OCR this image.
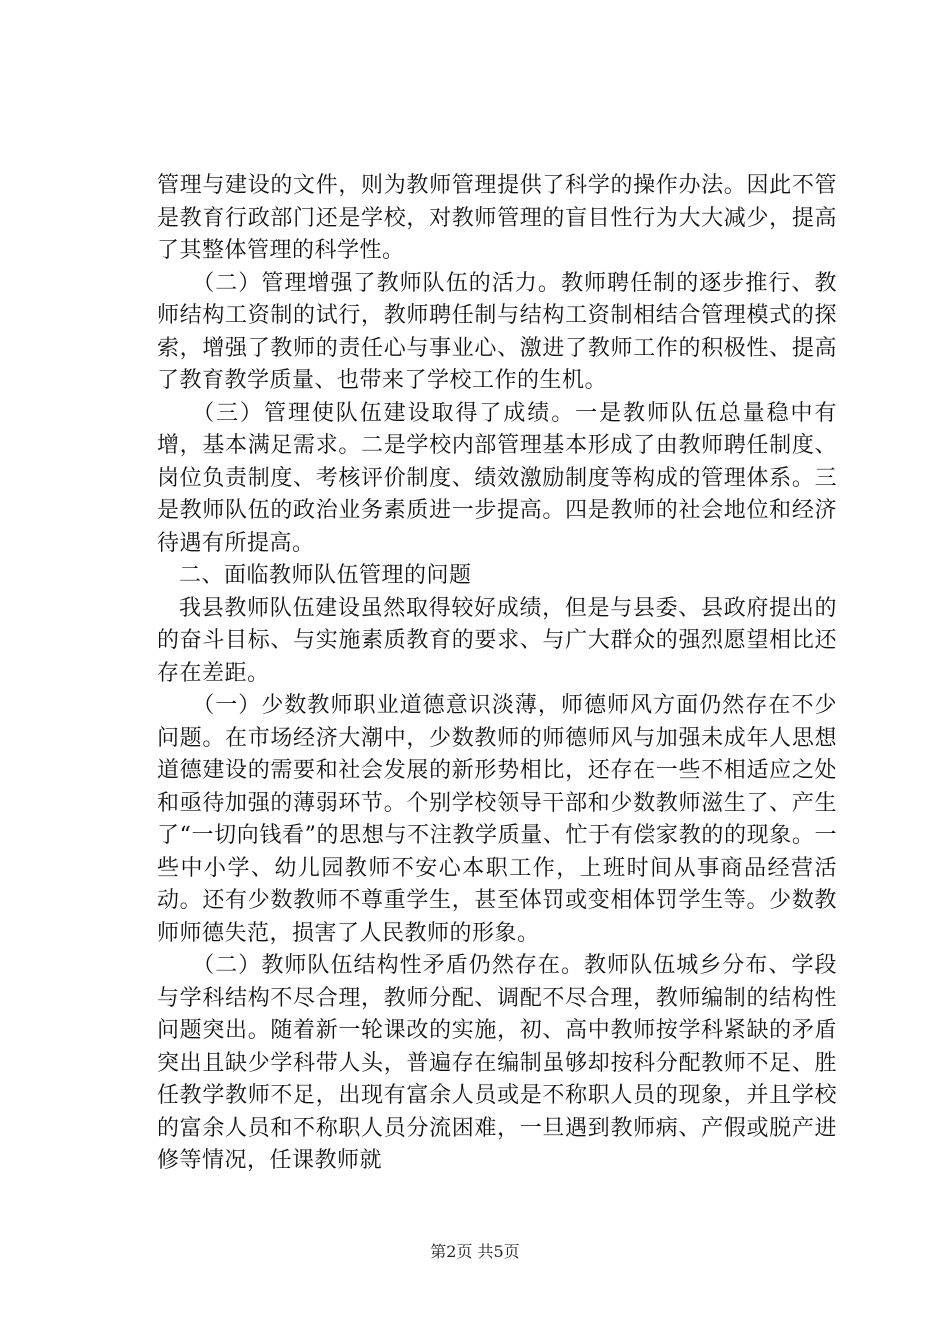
管理与建设的文件，则为教师管理提供了科学的操作办法。因此不管是教育行政部门还是学校，对教师管理的盲目性行为大大减少，提高了其整体管理的科学性。

（二）管理增强了教师队伍的活力。教师聘任制的逐步推行、教师结构工资制的试行，教师聘任制与结构工资制相结合管理模式的探索，增强了教师的责任心与事业心、激进了教师工作的积极性、提高了教育教学质量、也带来了学校工作的生机。

（三）管理使队伍建设取得了成绩。一是教师队伍总量稳中有增，基本满足需求。二是学校内部管理基本形成了由教师聘任制度、岗位负责制度、考核评价制度、绩效激励制度等构成的管理体系。三是教师队伍的政治业务素质进一步提高。四是教师的社会地位和经济待遇有所提高。

二、面临教师队伍管理的问题

我县教师队伍建设虽然取得较好成绩，但是与县委、县政府提出的的奋斗目标、与实施素质教育的要求、与广大群众的强烈愿望相比还存在差距。

（一）少数教师职业道德意识淡薄，师德师风方面仍然存在不少问题。在市场经济大潮中，少数教师的师德师风与加强未成年人思想道德建设的需要和社会发展的新形势相比，还存在一些不相适应之处和亟待加强的薄弱环节。个别学校领导干部和少数教师滋生了、产生了“一切向钱看”的思想与不注教学质量、忙于有偿家教的的现象。一些中小学、幼儿园教师不安心本职工作，上班时间从事商品经营活动。还有少数教师不尊重学生，甚至体罚或变相体罚学生等。少数教师师德失范，损害了人民教师的形象。

（二）教师队伍结构性矛盾仍然存在。教师队伍城乡分布、学段与学科结构不尽合理，教师分配、调配不尽合理，教师编制的结构性问题突出。随着新一轮课改的实施，初、高中教师按学科紧缺的矛盾突出且缺少学科带人头，普遍存在编制虽够却按科分配教师不足、胜任教学教师不足，出现有富余人员或是不称职人员的现象，并且学校的富余人员和不称职人员分流困难，一旦遇到教师病、产假或脱产进修等情况，任课教师就

第2页 共5页
